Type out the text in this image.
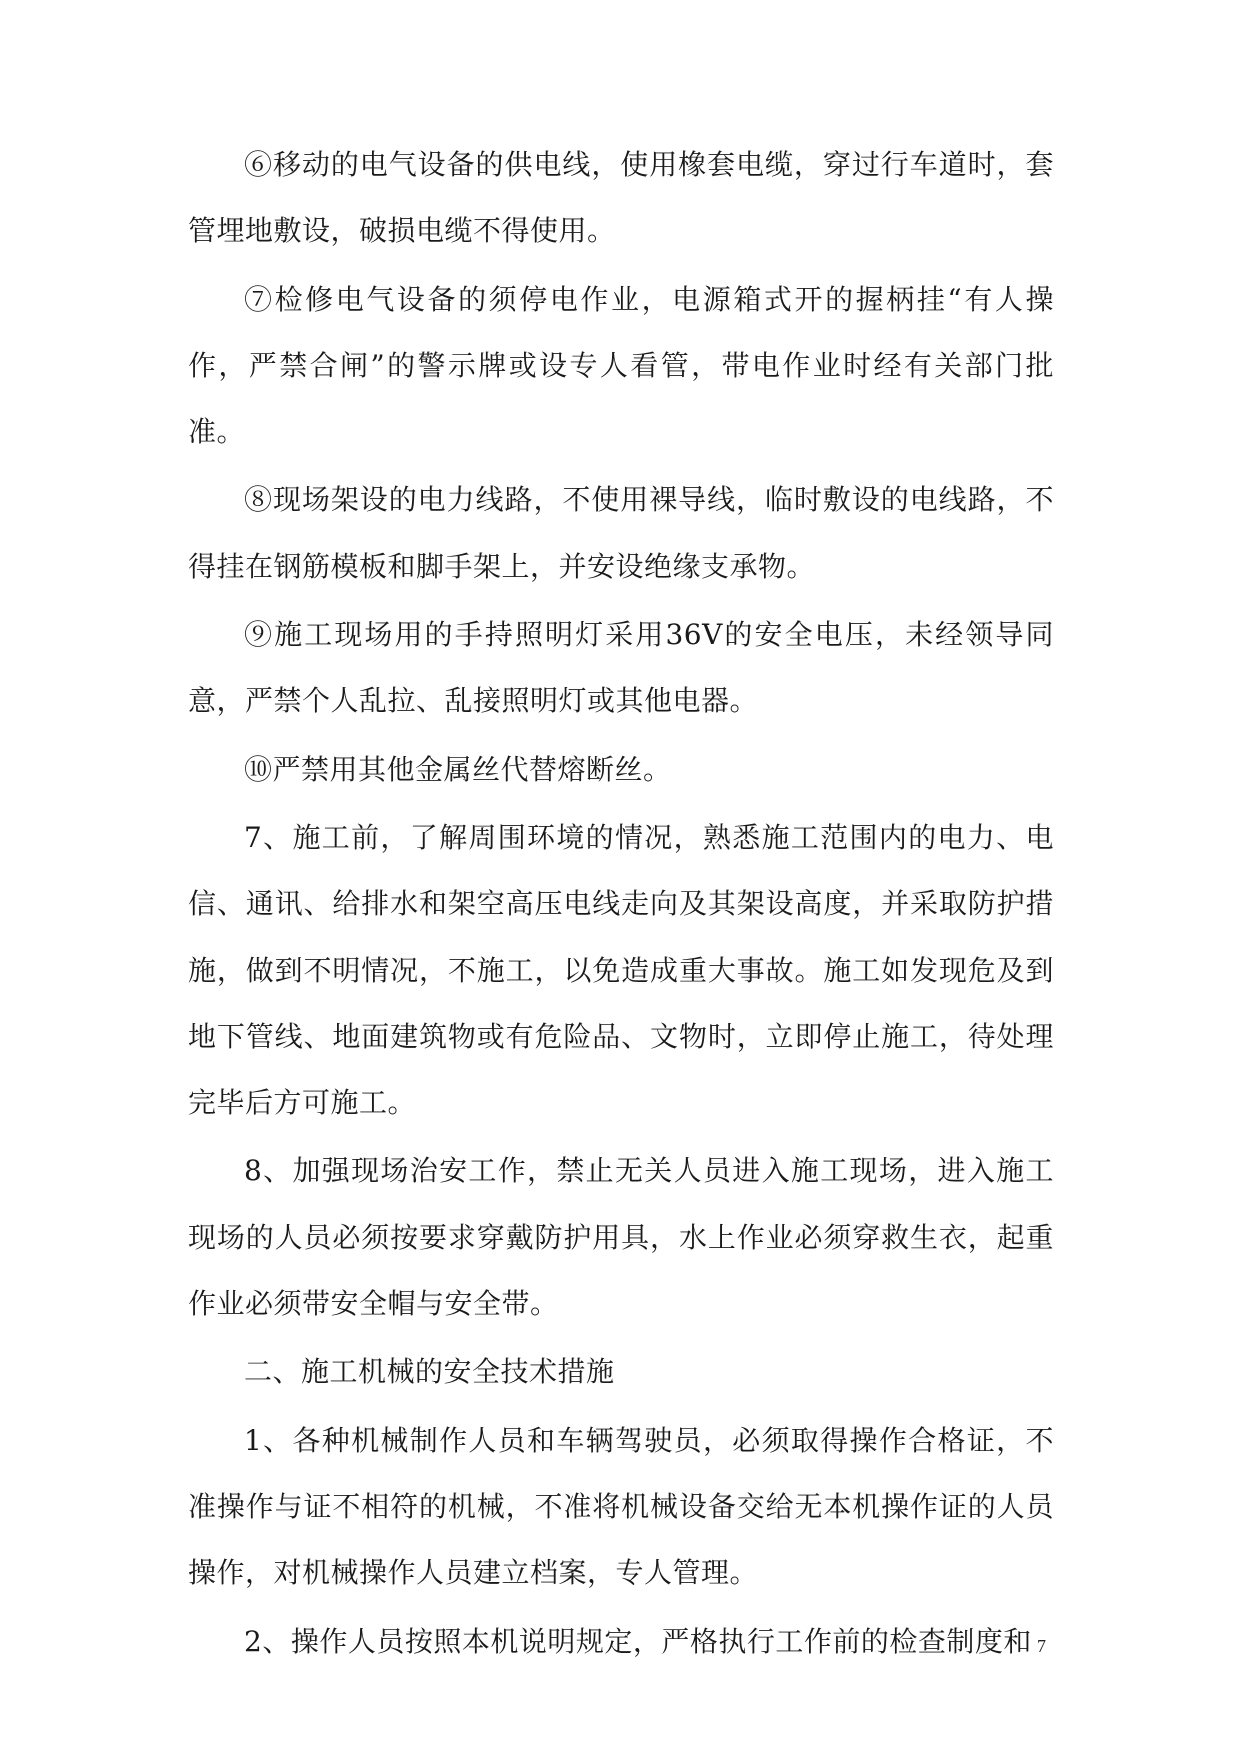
⑥移动的电气设备的供电线，使用橡套电缆，穿过行车道时，套管埋地敷设，破损电缆不得使用。

⑦检修电气设备的须停电作业，电源箱式开的握柄挂“有人操作，严禁合闸”的警示牌或设专人看管，带电作业时经有关部门批准。

⑧现场架设的电力线路，不使用裸导线，临时敷设的电线路，不得挂在钢筋模板和脚手架上，并安设绝缘支承物。

⑨施工现场用的手持照明灯采用36V的安全电压，未经领导同意，严禁个人乱拉、乱接照明灯或其他电器。

⑩严禁用其他金属丝代替熔断丝。

7、施工前，了解周围环境的情况，熟悉施工范围内的电力、电信、通讯、给排水和架空高压电线走向及其架设高度，并采取防护措施，做到不明情况，不施工，以免造成重大事故。施工如发现危及到地下管线、地面建筑物或有危险品、文物时，立即停止施工，待处理完毕后方可施工。

8、加强现场治安工作，禁止无关人员进入施工现场，进入施工现场的人员必须按要求穿戴防护用具，水上作业必须穿救生衣，起重作业必须带安全帽与安全带。

二、施工机械的安全技术措施

1、各种机械制作人员和车辆驾驶员，必须取得操作合格证，不准操作与证不相符的机械，不准将机械设备交给无本机操作证的人员操作，对机械操作人员建立档案，专人管理。

2、操作人员按照本机说明规定，严格执行工作前的检查制度和 7
